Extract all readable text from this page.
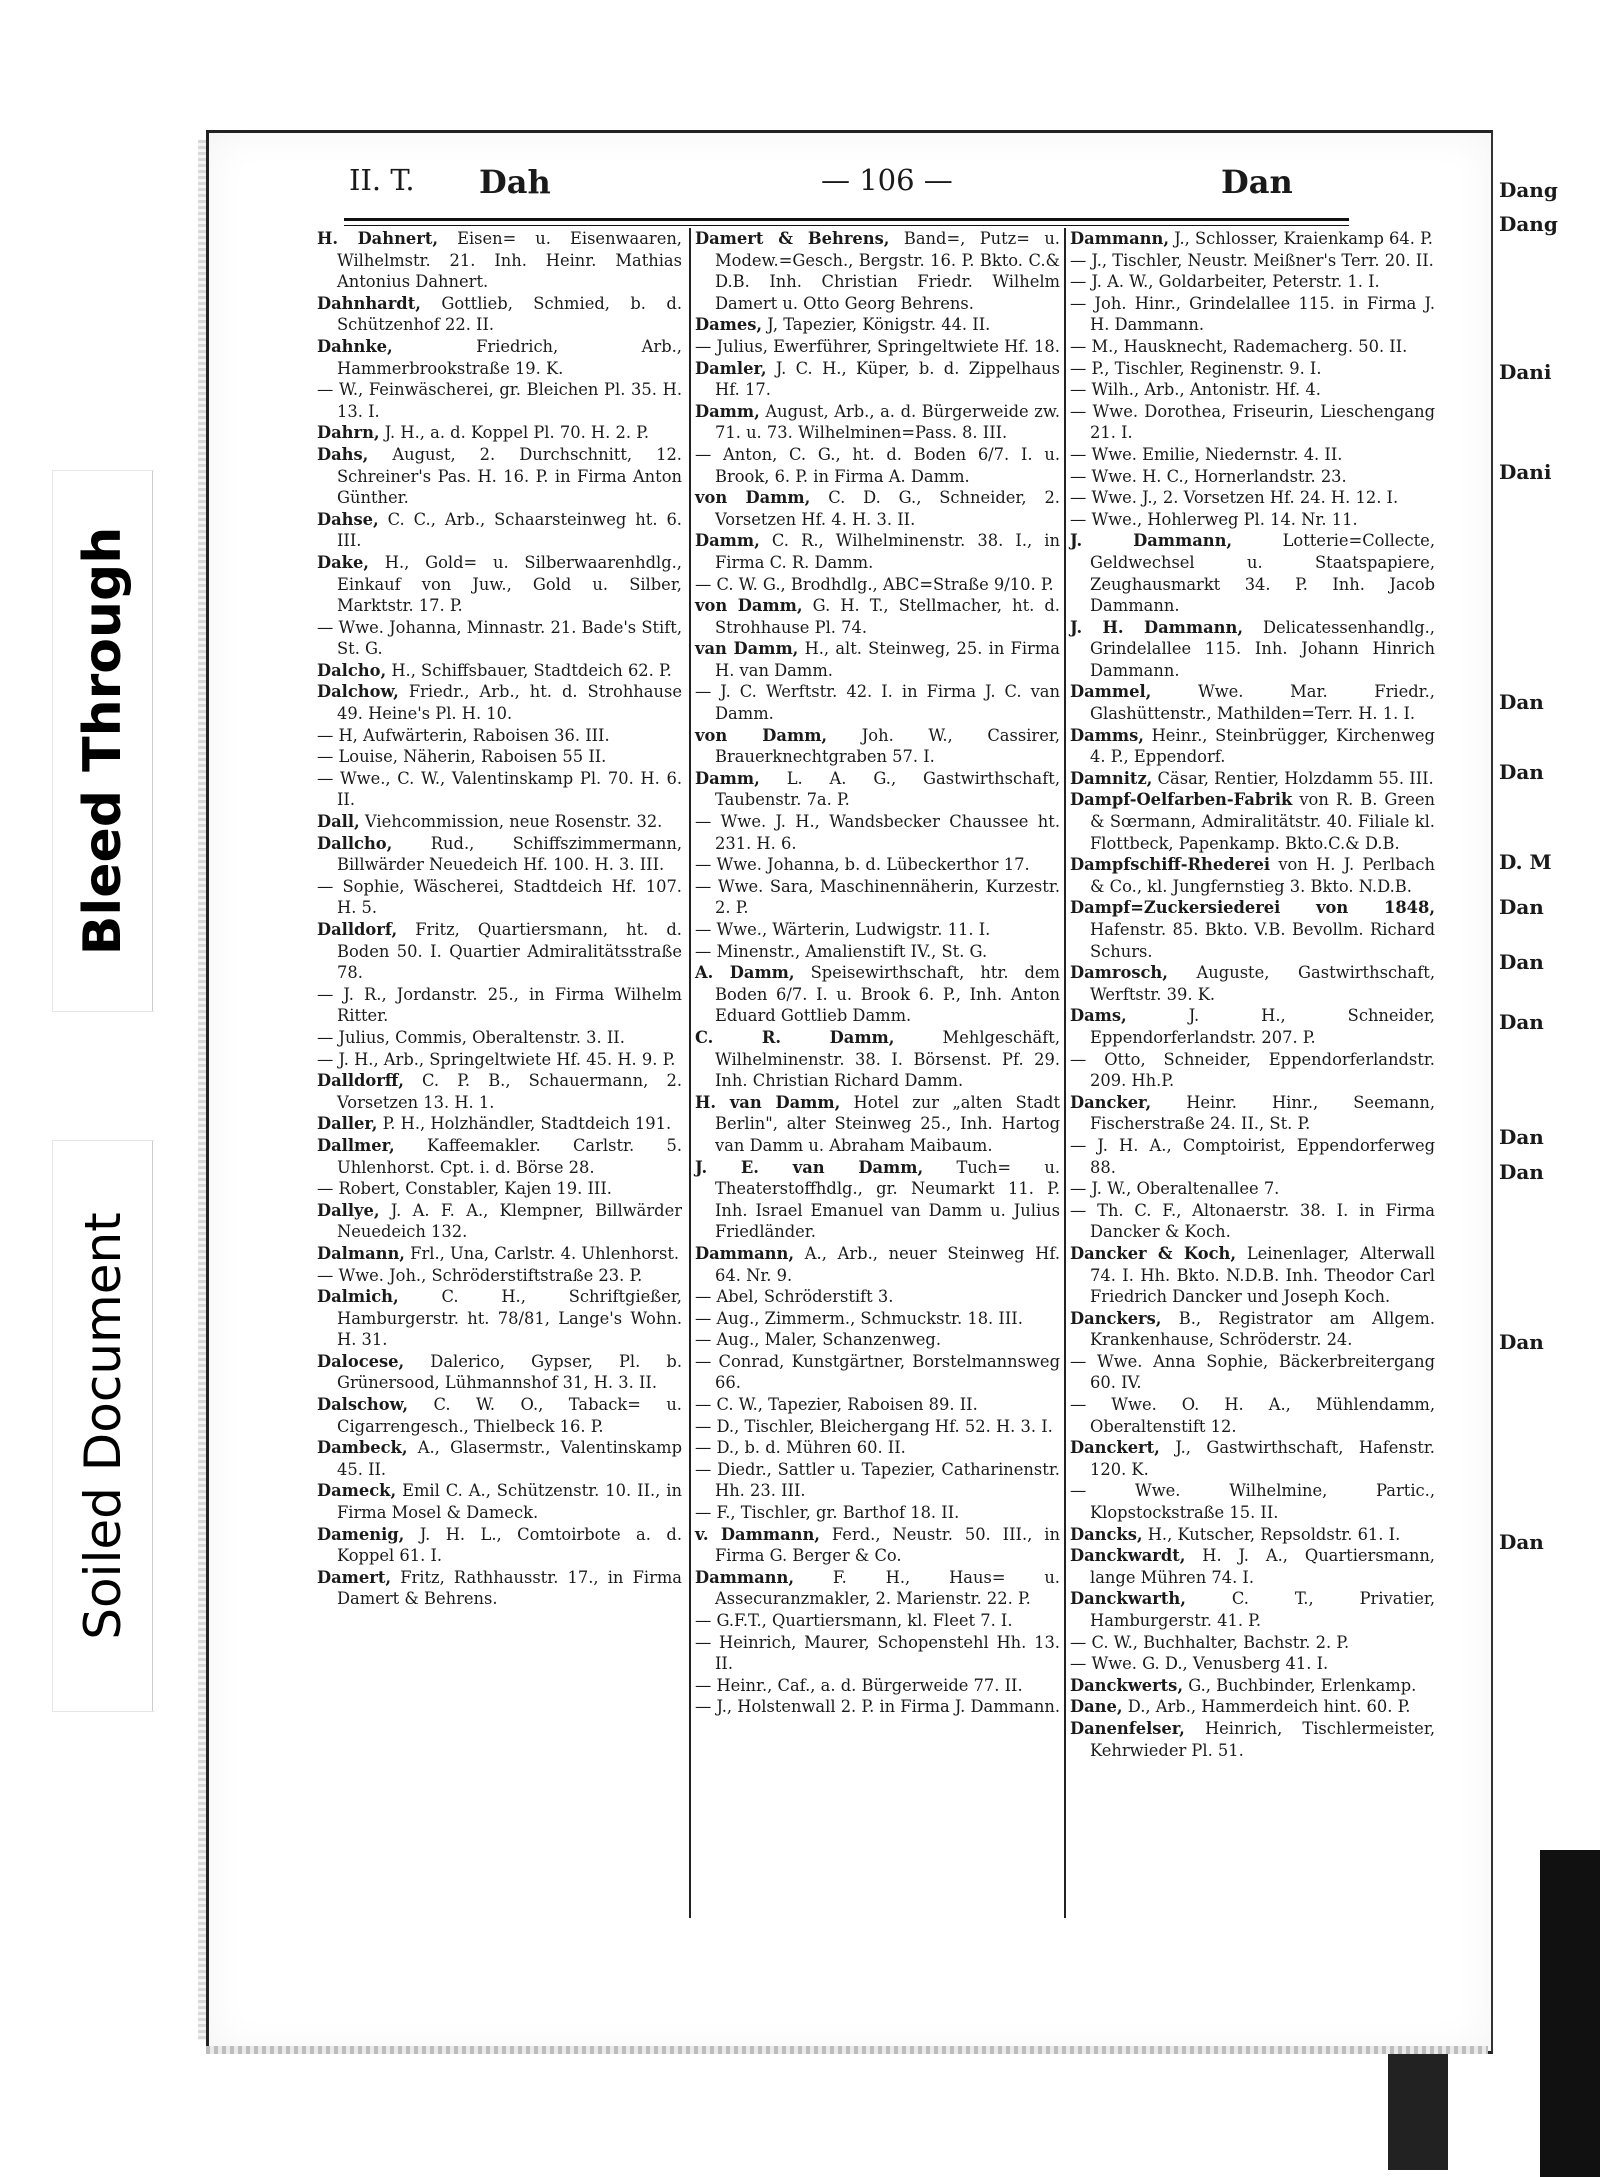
Dang
Dang
Dani
Dani
Dan
Dan
D. M
Dan
Dan
Dan
Dan
Dan
Dan
Dan
II. T. Dah	— 106 —	Dan
H. Dahnert, Eisen= u. Eisenwaaren, Wilhelmstr. 21. Inh. Heinr. Mathias Antonius Dahnert.
Dahnhardt, Gottlieb, Schmied, b. d. Schützenhof 22. II.
Dahnke,	Friedrich, Arb., Hammerbrookstraße 19. K.
— W., Feinwäscherei, gr. Bleichen Pl. 35. H. 13. I.
Dahrn, J. H., a. d. Koppel Pl. 70. H. 2. P.
Dahs, August, 2. Durchschnitt, 12. Schreiner's Pas. H. 16. P. in Firma Anton Günther.
Dahse, C. C., Arb., Schaarsteinweg ht. 6. III.
Dake, H., Gold= u. Silberwaarenhdlg., Einkauf von Juw., Gold u. Silber, Marktstr. 17. P.
— Wwe. Johanna, Minnastr. 21. Bade's Stift, St. G.
Dalcho, H., Schiffsbauer, Stadtdeich 62. P.
Dalchow, Friedr., Arb., ht. d. Strohhause 49. Heine's Pl. H. 10.
— H, Aufwärterin, Raboisen 36. III.
— Louise, Näherin, Raboisen 55 II.
— Wwe., C. W., Valentinskamp Pl. 70. H. 6. II.
Dall, Viehcommission, neue Rosenstr. 32.
Dallcho, Rud., Schiffszimmermann, Billwärder Neuedeich Hf. 100. H. 3. III.
— Sophie, Wäscherei, Stadtdeich Hf. 107. H. 5.
Dalldorf, Fritz, Quartiersmann, ht. d. Boden 50. I. Quartier Admiralitätsstraße 78.
— J. R., Jordanstr. 25., in Firma Wilhelm Ritter.
— Julius, Commis, Oberaltenstr. 3. II.
— J. H., Arb., Springeltwiete Hf. 45. H. 9. P.
Dalldorff, C. P. B., Schauermann, 2. Vorsetzen 13. H. 1.
Daller, P. H., Holzhändler, Stadtdeich 191.
Dallmer, Kaffeemakler. Carlstr. 5. Uhlenhorst. Cpt. i. d. Börse 28.
— Robert, Constabler, Kajen 19. III.
Dallye, J. A. F. A., Klempner, Billwärder Neuedeich 132.
Dalmann, Frl., Una, Carlstr. 4. Uhlenhorst.
— Wwe. Joh., Schröderstiftstraße 23. P.
Dalmich,	C. H., Schriftgießer, Hamburgerstr. ht. 78/81, Lange's Wohn. H. 31.
Dalocese, Dalerico, Gypser, Pl. b. Grünersood, Lühmannshof 31, H. 3. II.
Dalschow, C. W. O., Taback= u. Cigarrengesch., Thielbeck 16. P.
Dambeck, A., Glasermstr., Valentinskamp 45. II.
Dameck, Emil C. A., Schützenstr. 10. II., in Firma Mosel & Dameck.
Damenig, J. H. L., Comtoirbote a. d. Koppel 61. I.
Damert, Fritz, Rathhausstr. 17., in Firma Damert & Behrens.
Damert & Behrens, Band=, Putz= u. Modew.=Gesch., Bergstr. 16. P. Bkto. C.& D.B. Inh. Christian Friedr. Wilhelm Damert u. Otto Georg Behrens.
Dames, J, Tapezier, Königstr. 44. II.
— Julius, Ewerführer, Springeltwiete Hf. 18.
Damler, J. C. H., Küper, b. d. Zippelhaus Hf. 17.
Damm, August, Arb., a. d. Bürgerweide zw. 71. u. 73. Wilhelminen=Pass. 8. III.
— Anton, C. G., ht. d. Boden 6/7. I. u. Brook, 6. P. in Firma A. Damm.
von Damm, C. D. G., Schneider, 2. Vorsetzen Hf. 4. H. 3. II.
Damm, C. R., Wilhelminenstr. 38. I., in Firma C. R. Damm.
— C. W. G., Brodhdlg., ABC=Straße 9/10. P.
von Damm, G. H. T., Stellmacher, ht. d. Strohhause Pl. 74.
van Damm, H., alt. Steinweg, 25. in Firma H. van Damm.
— J. C. Werftstr. 42. I. in Firma J. C. van Damm.
von Damm, Joh. W., Cassirer, Brauerknechtgraben 57. I.
Damm, L. A. G., Gastwirthschaft, Taubenstr. 7a. P.
— Wwe. J. H., Wandsbecker Chaussee ht. 231. H. 6.
— Wwe. Johanna, b. d. Lübeckerthor 17.
— Wwe. Sara, Maschinennäherin, Kurzestr. 2. P.
— Wwe., Wärterin, Ludwigstr. 11. I.
— Minenstr., Amalienstift IV., St. G.
A. Damm, Speisewirthschaft, htr. dem Boden 6/7. I. u. Brook 6. P., Inh. Anton Eduard Gottlieb Damm.
C. R. Damm,	Mehlgeschäft, Wilhelminenstr. 38. I. Börsenst. Pf. 29. Inh. Christian Richard Damm.
H. van Damm, Hotel zur „alten Stadt Berlin", alter Steinweg 25., Inh. Hartog van Damm u. Abraham Maibaum.
J. E. van Damm, Tuch= u. Theaterstoffhdlg., gr. Neumarkt 11. P. Inh. Israel Emanuel van Damm u. Julius Friedländer.
Dammann, A., Arb., neuer Steinweg Hf. 64. Nr. 9.
— Abel, Schröderstift 3.
— Aug., Zimmerm., Schmuckstr. 18. III.
— Aug., Maler, Schanzenweg.
— Conrad, Kunstgärtner, Borstelmannsweg 66.
— C. W., Tapezier, Raboisen 89. II.
— D., Tischler, Bleichergang Hf. 52. H. 3. I.
— D., b. d. Mühren 60. II.
— Diedr., Sattler u. Tapezier, Catharinenstr. Hh. 23. III.
— F., Tischler, gr. Barthof 18. II.
v. Dammann, Ferd., Neustr. 50. III., in Firma G. Berger & Co.
Dammann, F. H., Haus= u. Assecuranzmakler, 2. Marienstr. 22. P.
— G.F.T., Quartiersmann, kl. Fleet 7. I.
— Heinrich, Maurer, Schopenstehl Hh. 13. II.
— Heinr., Caf., a. d. Bürgerweide 77. II.
— J., Holstenwall 2. P. in Firma J. Dammann.
Dammann, J., Schlosser, Kraienkamp 64. P.
— J., Tischler, Neustr. Meißner's Terr. 20. II.
— J. A. W., Goldarbeiter, Peterstr. 1. I.
— Joh. Hinr., Grindelallee 115. in Firma J. H. Dammann.
— M., Hausknecht, Rademacherg. 50. II.
— P., Tischler, Reginenstr. 9. I.
— Wilh., Arb., Antonistr. Hf. 4.
— Wwe. Dorothea, Friseurin, Lieschengang 21. I.
— Wwe. Emilie, Niedernstr. 4. II.
— Wwe. H. C., Hornerlandstr. 23.
— Wwe. J., 2. Vorsetzen Hf. 24. H. 12. I.
— Wwe., Hohlerweg Pl. 14. Nr. 11.
J. Dammann,	Lotterie=Collecte, Geldwechsel u. Staatspapiere, Zeughausmarkt 34. P. Inh. Jacob Dammann.
J. H. Dammann, Delicatessenhandlg., Grindelallee 115. Inh. Johann Hinrich Dammann.
Dammel,	Wwe. Mar. Friedr., Glashüttenstr., Mathilden=Terr. H. 1. I.
Damms, Heinr., Steinbrügger, Kirchenweg 4. P., Eppendorf.
Damnitz, Cäsar, Rentier, Holzdamm 55. III.
Dampf-Oelfarben-Fabrik von R. B. Green & Sœrmann, Admiralitätstr. 40. Filiale kl. Flottbeck, Papenkamp. Bkto.C.& D.B.
Dampfschiff-Rhederei von H. J. Perlbach & Co., kl. Jungfernstieg 3. Bkto. N.D.B.
Dampf=Zuckersiederei von 1848, Hafenstr. 85. Bkto. V.B. Bevollm. Richard Schurs.
Damrosch, Auguste, Gastwirthschaft, Werftstr. 39. K.
Dams,	J. H., Schneider, Eppendorferlandstr. 207. P.
— Otto, Schneider, Eppendorferlandstr. 209. Hh.P.
Dancker, Heinr. Hinr., Seemann, Fischerstraße 24. II., St. P.
— J. H. A., Comptoirist, Eppendorferweg 88.
— J. W., Oberaltenallee 7.
— Th. C. F., Altonaerstr. 38. I. in Firma Dancker & Koch.
Dancker & Koch, Leinenlager, Alterwall 74. I. Hh. Bkto. N.D.B. Inh. Theodor Carl Friedrich Dancker und Joseph Koch.
Danckers, B., Registrator am Allgem. Krankenhause, Schröderstr. 24.
— Wwe. Anna Sophie, Bäckerbreitergang 60. IV.
— Wwe. O. H. A., Mühlendamm, Oberaltenstift 12.
Danckert, J., Gastwirthschaft, Hafenstr. 120. K.
— Wwe. Wilhelmine, Partic., Klopstockstraße 15. II.
Dancks, H., Kutscher, Repsoldstr. 61. I.
Danckwardt, H. J. A., Quartiersmann, lange Mühren 74. I.
Danckwarth,	C. T., Privatier, Hamburgerstr. 41. P.
— C. W., Buchhalter, Bachstr. 2. P.
— Wwe. G. D., Venusberg 41. I.
Danckwerts, G., Buchbinder, Erlenkamp.
Dane, D., Arb., Hammerdeich hint. 60. P.
Danenfelser, Heinrich, Tischlermeister, Kehrwieder Pl. 51.
Bleed Through
Soiled Document
